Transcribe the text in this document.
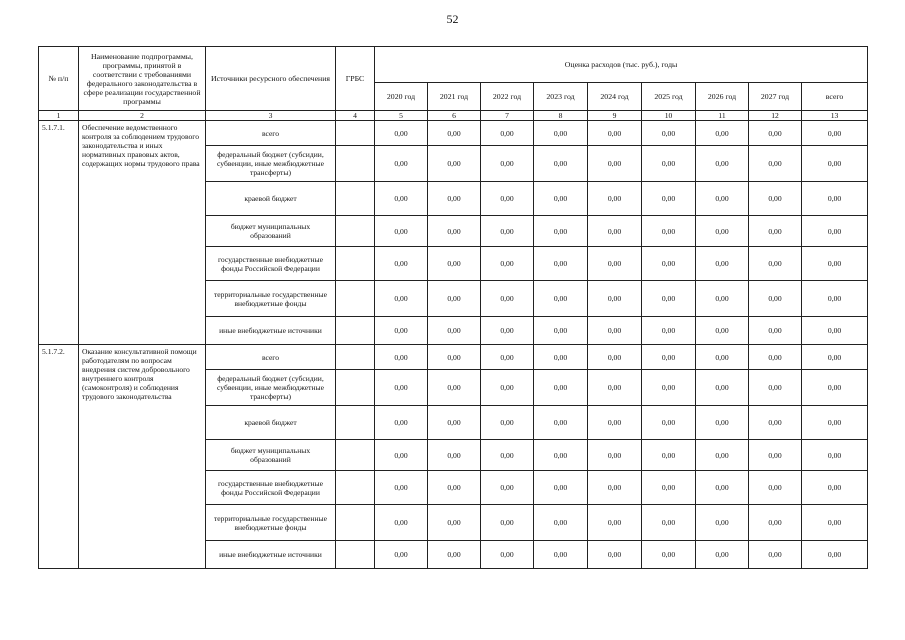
52
№ п/п	Наименование подпрограммы, программы, принятой в соответствии с требованиями федерального законодательства в сфере реализации государственной программы	Источники ресурсного обеспечения	ГРБС	Оценка расходов (тыс. руб.), годы								
				2020 год	2021 год	2022 год	2023 год	2024 год	2025 год	2026 год	2027 год	всего
1	2	3	4	5	6	7	8	9	10	11	12	13
5.1.7.1.	Обеспечение ведомственного контроля за соблюдением трудового законодательства и иных нормативных правовых актов, содержащих нормы трудового права	всего		0,00	0,00	0,00	0,00	0,00	0,00	0,00	0,00	0,00
		федеральный бюджет (субсидии, субвенции, иные межбюджетные трансферты)		0,00	0,00	0,00	0,00	0,00	0,00	0,00	0,00	0,00
		краевой бюджет		0,00	0,00	0,00	0,00	0,00	0,00	0,00	0,00	0,00
		бюджет муниципальных образований		0,00	0,00	0,00	0,00	0,00	0,00	0,00	0,00	0,00
		государственные внебюджетные фонды Российской Федерации		0,00	0,00	0,00	0,00	0,00	0,00	0,00	0,00	0,00
		территориальные государственные внебюджетные фонды		0,00	0,00	0,00	0,00	0,00	0,00	0,00	0,00	0,00
		иные внебюджетные источники		0,00	0,00	0,00	0,00	0,00	0,00	0,00	0,00	0,00
5.1.7.2.	Оказание консультативной помощи работодателям по вопросам внедрения систем добровольного внутреннего контроля (самоконтроля) и соблюдения трудового законодательства	всего		0,00	0,00	0,00	0,00	0,00	0,00	0,00	0,00	0,00
		федеральный бюджет (субсидии, субвенции, иные межбюджетные трансферты)		0,00	0,00	0,00	0,00	0,00	0,00	0,00	0,00	0,00
		краевой бюджет		0,00	0,00	0,00	0,00	0,00	0,00	0,00	0,00	0,00
		бюджет муниципальных образований		0,00	0,00	0,00	0,00	0,00	0,00	0,00	0,00	0,00
		государственные внебюджетные фонды Российской Федерации		0,00	0,00	0,00	0,00	0,00	0,00	0,00	0,00	0,00
		территориальные государственные внебюджетные фонды		0,00	0,00	0,00	0,00	0,00	0,00	0,00	0,00	0,00
		иные внебюджетные источники		0,00	0,00	0,00	0,00	0,00	0,00	0,00	0,00	0,00
